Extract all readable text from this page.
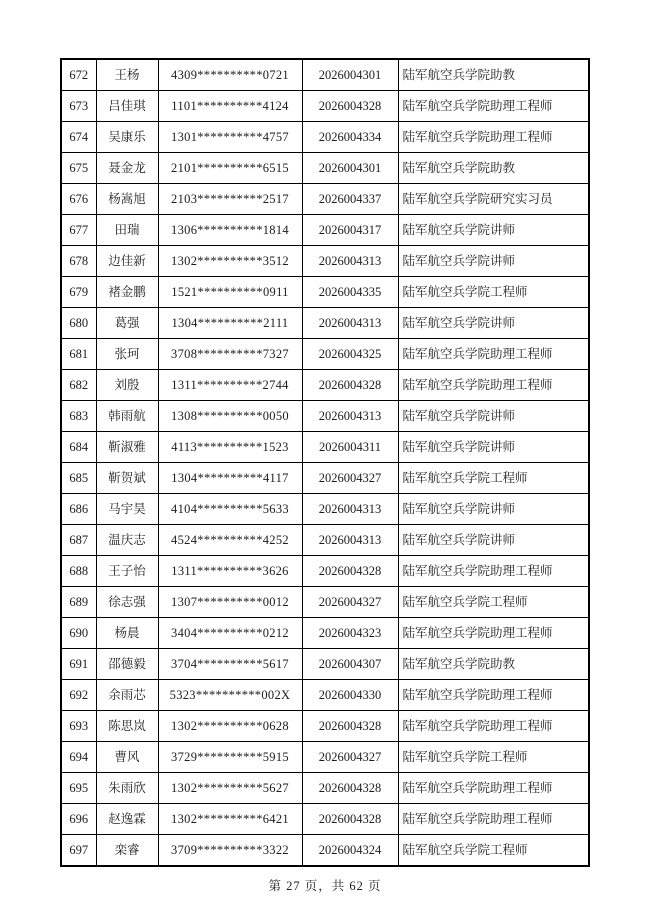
672	王杨	4309**********0721	2026004301	陆军航空兵学院助教
673	吕佳琪	1101**********4124	2026004328	陆军航空兵学院助理工程师
674	吴康乐	1301**********4757	2026004334	陆军航空兵学院助理工程师
675	聂金龙	2101**********6515	2026004301	陆军航空兵学院助教
676	杨嵩旭	2103**********2517	2026004337	陆军航空兵学院研究实习员
677	田瑞	1306**********1814	2026004317	陆军航空兵学院讲师
678	边佳新	1302**********3512	2026004313	陆军航空兵学院讲师
679	褚金鹏	1521**********0911	2026004335	陆军航空兵学院工程师
680	葛强	1304**********2111	2026004313	陆军航空兵学院讲师
681	张珂	3708**********7327	2026004325	陆军航空兵学院助理工程师
682	刘殷	1311**********2744	2026004328	陆军航空兵学院助理工程师
683	韩雨航	1308**********0050	2026004313	陆军航空兵学院讲师
684	靳淑雅	4113**********1523	2026004311	陆军航空兵学院讲师
685	靳贺斌	1304**********4117	2026004327	陆军航空兵学院工程师
686	马宇昊	4104**********5633	2026004313	陆军航空兵学院讲师
687	温庆志	4524**********4252	2026004313	陆军航空兵学院讲师
688	王子怡	1311**********3626	2026004328	陆军航空兵学院助理工程师
689	徐志强	1307**********0012	2026004327	陆军航空兵学院工程师
690	杨晨	3404**********0212	2026004323	陆军航空兵学院助理工程师
691	邵德毅	3704**********5617	2026004307	陆军航空兵学院助教
692	余雨芯	5323**********002X	2026004330	陆军航空兵学院助理工程师
693	陈思岚	1302**********0628	2026004328	陆军航空兵学院助理工程师
694	曹风	3729**********5915	2026004327	陆军航空兵学院工程师
695	朱雨欣	1302**********5627	2026004328	陆军航空兵学院助理工程师
696	赵逸霖	1302**********6421	2026004328	陆军航空兵学院助理工程师
697	栾睿	3709**********3322	2026004324	陆军航空兵学院工程师
第 27 页，共 62 页
